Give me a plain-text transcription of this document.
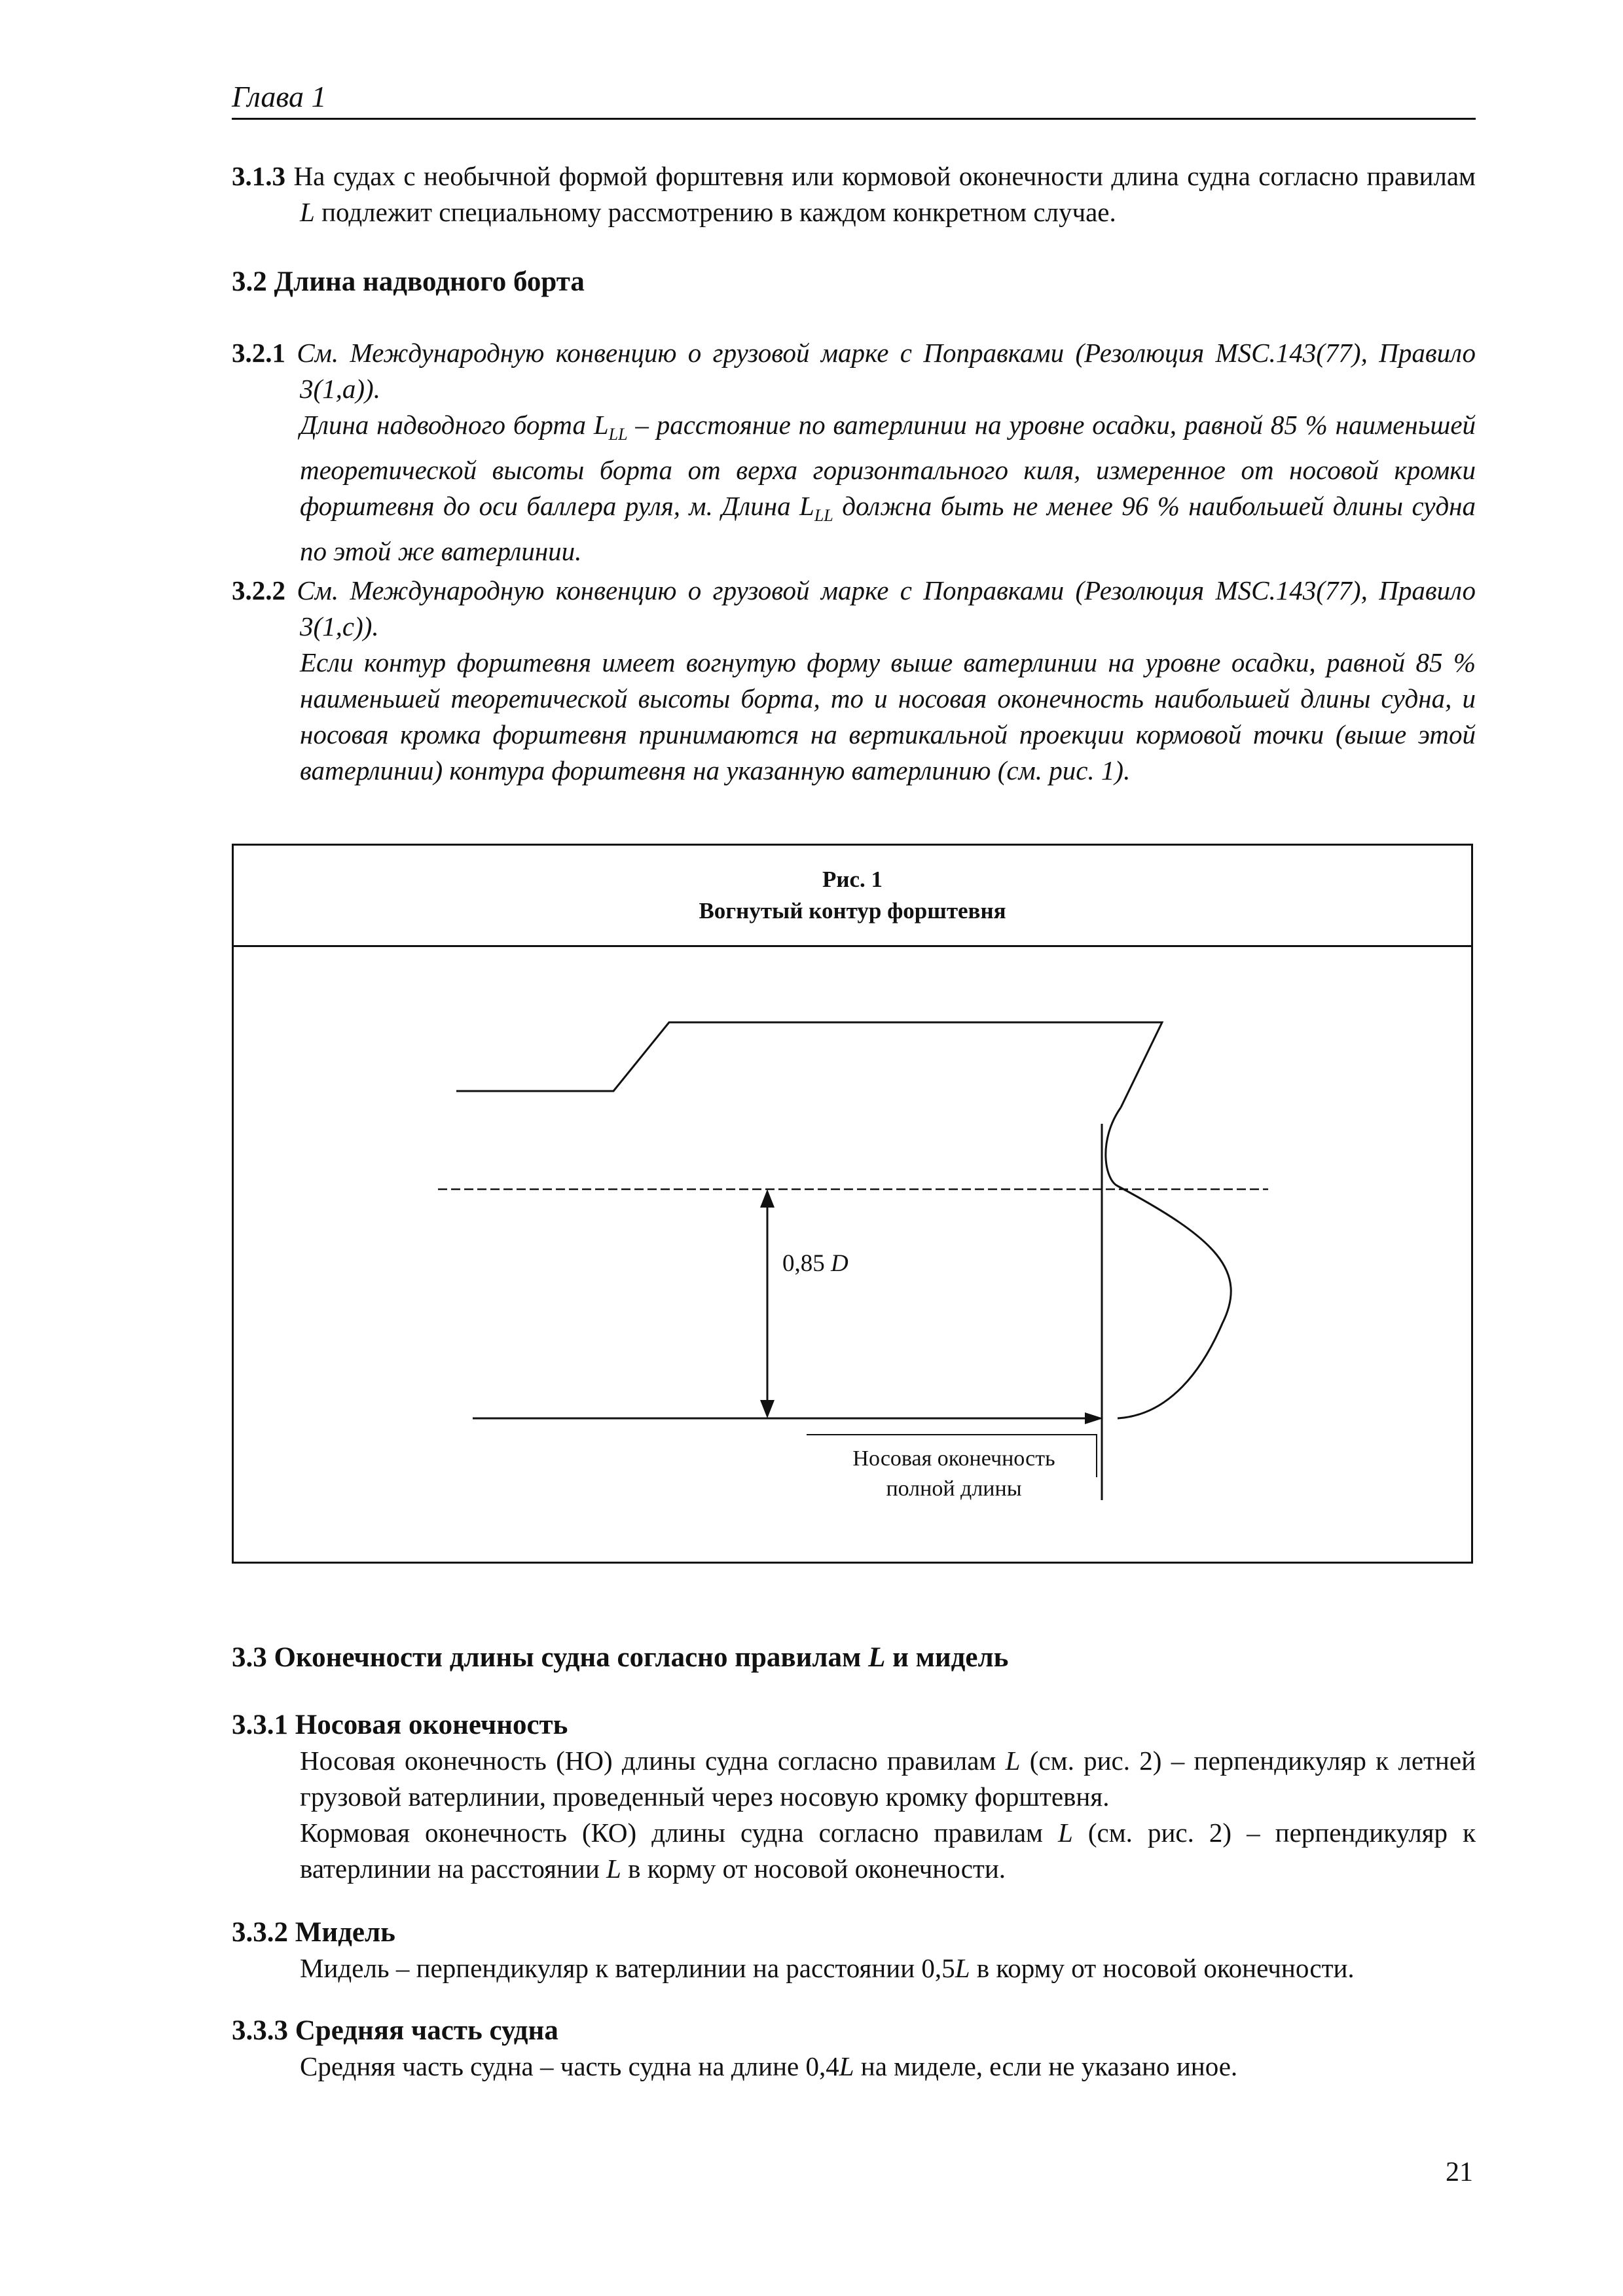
Глава 1

3.1.3 На судах с необычной формой форштевня или кормовой оконечности длина судна согласно правилам L подлежит специальному рассмотрению в каждом конкретном случае.

3.2 Длина надводного борта

3.2.1 См. Международную конвенцию о грузовой марке с Поправками (Резолюция MSC.143(77), Правило 3(1,a)).

Длина надводного борта $L_{LL}$ – расстояние по ватерлинии на уровне осадки, равной 85 % наименьшей теоретической высоты борта от верха горизонтального киля, измеренное от носовой кромки форштевня до оси баллера руля, м. Длина $L_{LL}$ должна быть не менее 96 % наибольшей длины судна по этой же ватерлинии.

3.2.2 См. Международную конвенцию о грузовой марке с Поправками (Резолюция MSC.143(77), Правило 3(1,c)).

Если контур форштевня имеет вогнутую форму выше ватерлинии на уровне осадки, равной 85 % наименьшей теоретической высоты борта, то и носовая оконечность наибольшей длины судна, и носовая кромка форштевня принимаются на вертикальной проекции кормовой точки (выше этой ватерлинии) контура форштевня на указанную ватерлинию (см. рис. 1).

Рис. 1
Вогнутый контур форштевня
0,85 D
Носовая оконечность
полной длины

3.3 Оконечности длины судна согласно правилам L и мидель

3.3.1 Носовая оконечность

Носовая оконечность (НО) длины судна согласно правилам L (см. рис. 2) – перпендикуляр к летней грузовой ватерлинии, проведенный через носовую кромку форштевня.

Кормовая оконечность (КО) длины судна согласно правилам L (см. рис. 2) – перпендикуляр к ватерлинии на расстоянии L в корму от носовой оконечности.

3.3.2 Мидель

Мидель – перпендикуляр к ватерлинии на расстоянии 0,5L в корму от носовой оконечности.

3.3.3 Средняя часть судна

Средняя часть судна – часть судна на длине 0,4L на миделе, если не указано иное.

21
